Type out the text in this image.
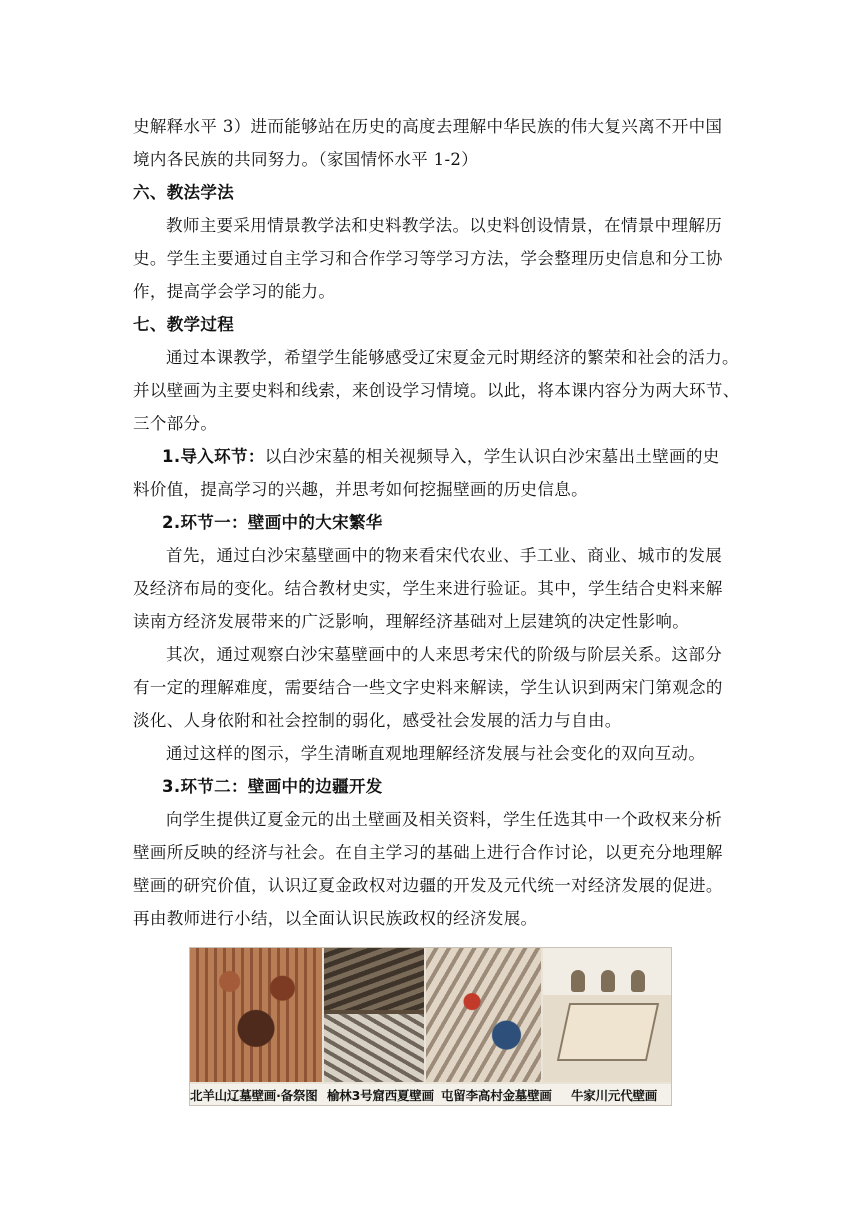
史解释水平 3）进而能够站在历史的高度去理解中华民族的伟大复兴离不开中国
境内各民族的共同努力。（家国情怀水平 1-2）
六、教法学法
教师主要采用情景教学法和史料教学法。以史料创设情景，在情景中理解历
史。学生主要通过自主学习和合作学习等学习方法，学会整理历史信息和分工协
作，提高学会学习的能力。
七、教学过程
通过本课教学，希望学生能够感受辽宋夏金元时期经济的繁荣和社会的活力。
并以壁画为主要史料和线索，来创设学习情境。以此，将本课内容分为两大环节、
三个部分。
1.导入环节：以白沙宋墓的相关视频导入，学生认识白沙宋墓出土壁画的史
料价值，提高学习的兴趣，并思考如何挖掘壁画的历史信息。
2.环节一：壁画中的大宋繁华
首先，通过白沙宋墓壁画中的物来看宋代农业、手工业、商业、城市的发展
及经济布局的变化。结合教材史实，学生来进行验证。其中，学生结合史料来解
读南方经济发展带来的广泛影响，理解经济基础对上层建筑的决定性影响。
其次，通过观察白沙宋墓壁画中的人来思考宋代的阶级与阶层关系。这部分
有一定的理解难度，需要结合一些文字史料来解读，学生认识到两宋门第观念的
淡化、人身依附和社会控制的弱化，感受社会发展的活力与自由。
通过这样的图示，学生清晰直观地理解经济发展与社会变化的双向互动。
3.环节二：壁画中的边疆开发
向学生提供辽夏金元的出土壁画及相关资料，学生任选其中一个政权来分析
壁画所反映的经济与社会。在自主学习的基础上进行合作讨论，以更充分地理解
壁画的研究价值，认识辽夏金政权对边疆的开发及元代统一对经济发展的促进。
再由教师进行小结，以全面认识民族政权的经济发展。
北羊山辽墓壁画·备祭图 榆林3号窟西夏壁画 屯留李高村金墓壁画 牛家川元代壁画
